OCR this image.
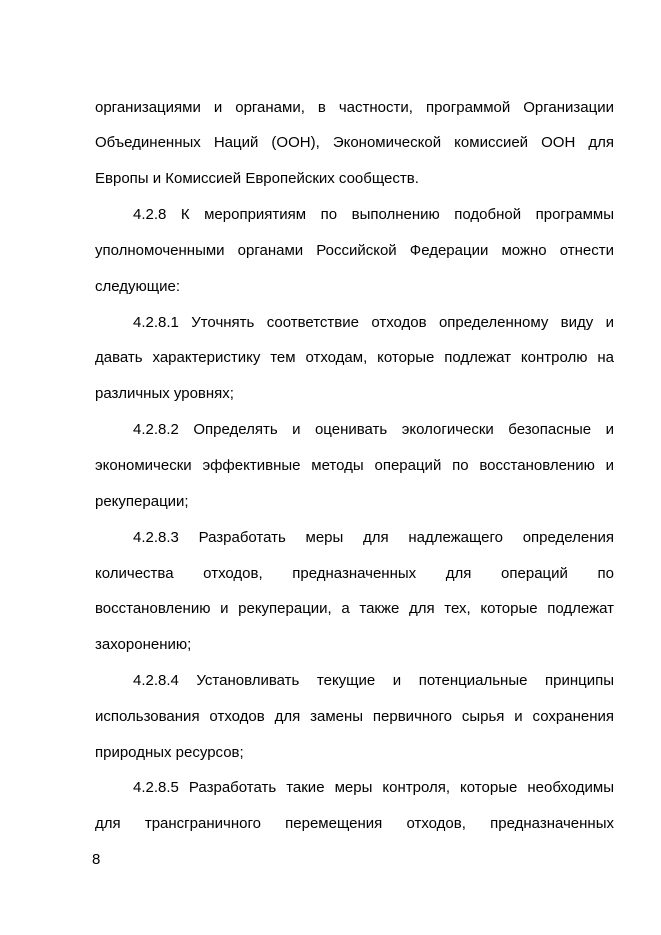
организациями и органами, в частности, программой Организации
Объединенных Наций (ООН), Экономической комиссией ООН для
Европы и Комиссией Европейских сообществ.
4.2.8 К мероприятиям по выполнению подобной программы
уполномоченными органами Российской Федерации можно отнести
следующие:
4.2.8.1 Уточнять соответствие отходов определенному виду и
давать характеристику тем отходам, которые подлежат контролю на
различных уровнях;
4.2.8.2 Определять и оценивать экологически безопасные и
экономически эффективные методы операций по восстановлению и
рекуперации;
4.2.8.3 Разработать меры для надлежащего определения
количества отходов, предназначенных для операций по
восстановлению и рекуперации, а также для тех, которые подлежат
захоронению;
4.2.8.4 Установливать текущие и потенциальные принципы
использования отходов для замены первичного сырья и сохранения
природных ресурсов;
4.2.8.5 Разработать такие меры контроля, которые необходимы
для трансграничного перемещения отходов, предназначенных
8
